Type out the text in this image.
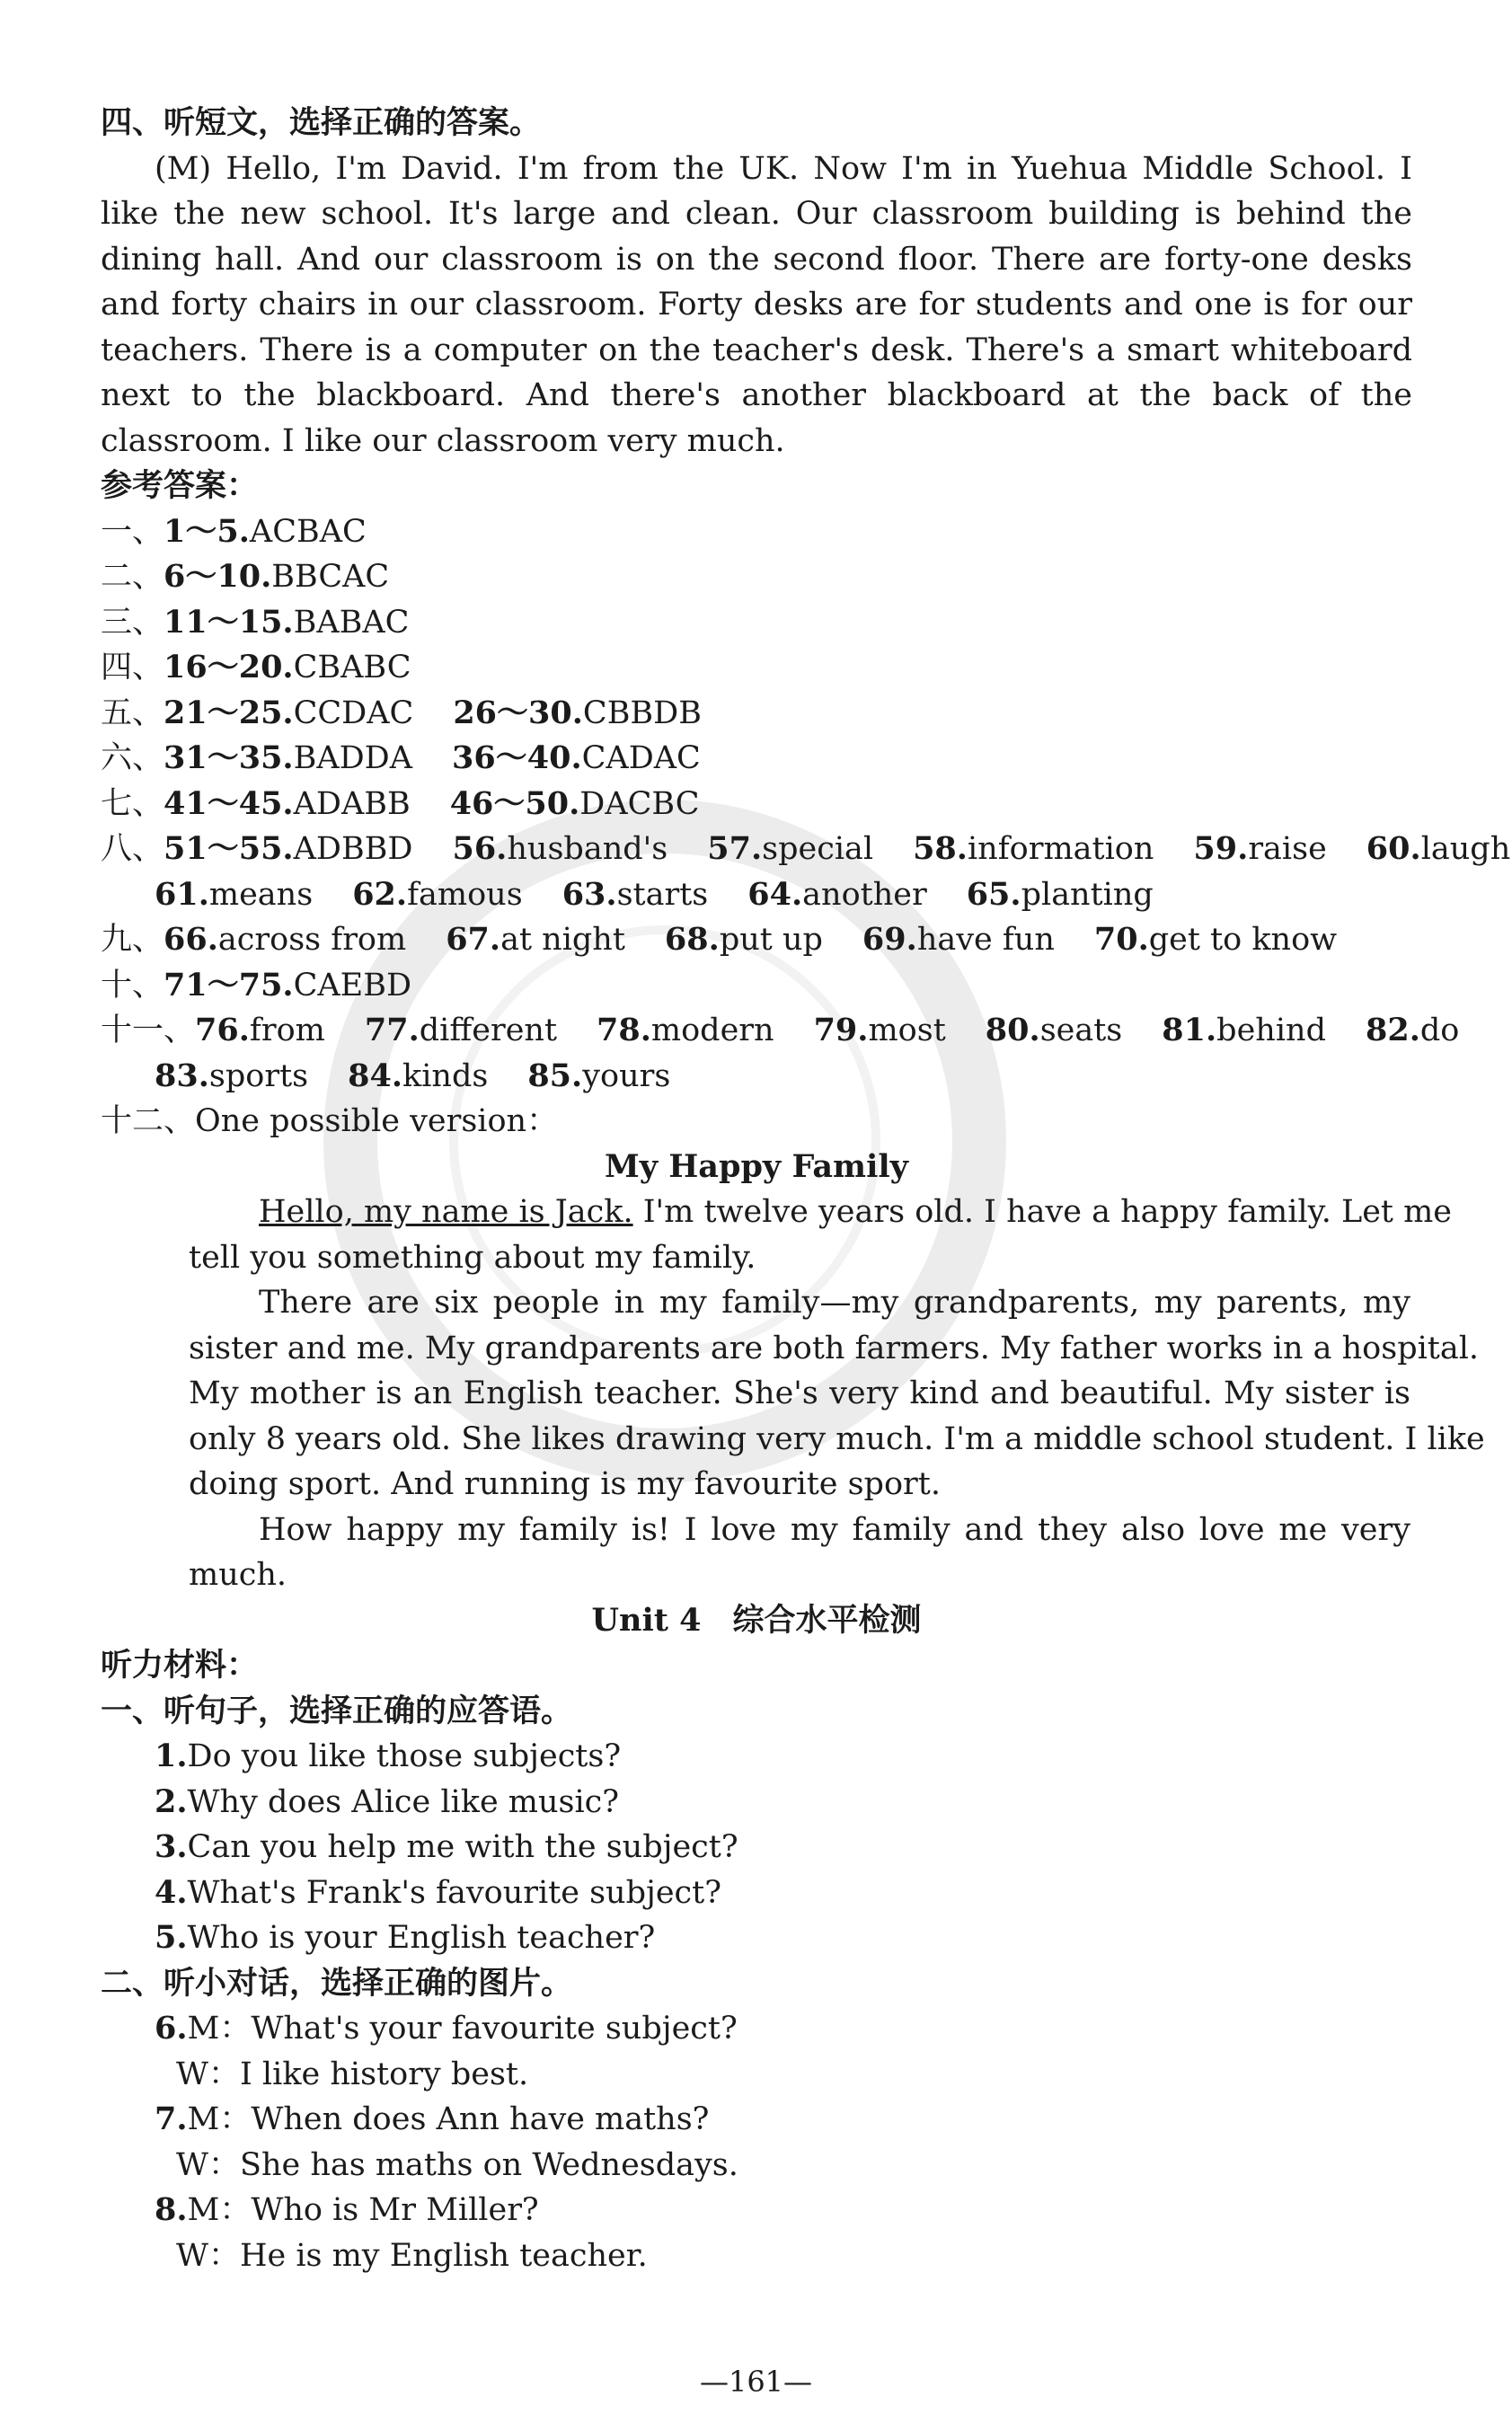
四、听短文，选择正确的答案。
(M) Hello, I'm David. I'm from the UK. Now I'm in Yuehua Middle School. I
like the new school. It's large and clean. Our classroom building is behind the
dining hall. And our classroom is on the second floor. There are forty-one desks
and forty chairs in our classroom. Forty desks are for students and one is for our
teachers. There is a computer on the teacher's desk. There's a smart whiteboard
next to the blackboard. And there's another blackboard at the back of the
classroom. I like our classroom very much.
参考答案：
一、 1～5.ACBAC
二、 6～10.BBCAC
三、 11～15.BABAC
四、 16～20.CBABC
五、 21～25.CCDAC 26～30.CBBDB
六、 31～35.BADDA 36～40.CADAC
七、 41～45.ADABB 46～50.DACBC
八、 51～55.ADBBD 56.husband's 57.special 58.information 59.raise 60.laugh
61.means 62.famous 63.starts 64.another 65.planting
九、 66.across from 67.at night 68.put up 69.have fun 70.get to know
十、 71～75.CAEBD
十一、 76.from 77.different 78.modern 79.most 80.seats 81.behind 82.do
83.sports 84.kinds 85.yours
十二、One possible version：
My Happy Family
Hello, my name is Jack. I'm twelve years old. I have a happy family. Let me
tell you something about my family.
There are six people in my family—my grandparents, my parents, my
sister and me. My grandparents are both farmers. My father works in a hospital.
My mother is an English teacher. She's very kind and beautiful. My sister is
only 8 years old. She likes drawing very much. I'm a middle school student. I like
doing sport. And running is my favourite sport.
How happy my family is! I love my family and they also love me very
much.
Unit 4　综合水平检测
听力材料：
一、听句子，选择正确的应答语。
1.Do you like those subjects?
2.Why does Alice like music?
3.Can you help me with the subject?
4.What's Frank's favourite subject?
5.Who is your English teacher?
二、听小对话，选择正确的图片。
6.M：What's your favourite subject?
W：I like history best.
7.M：When does Ann have maths?
W：She has maths on Wednesdays.
8.M：Who is Mr Miller?
W：He is my English teacher.
—161—
